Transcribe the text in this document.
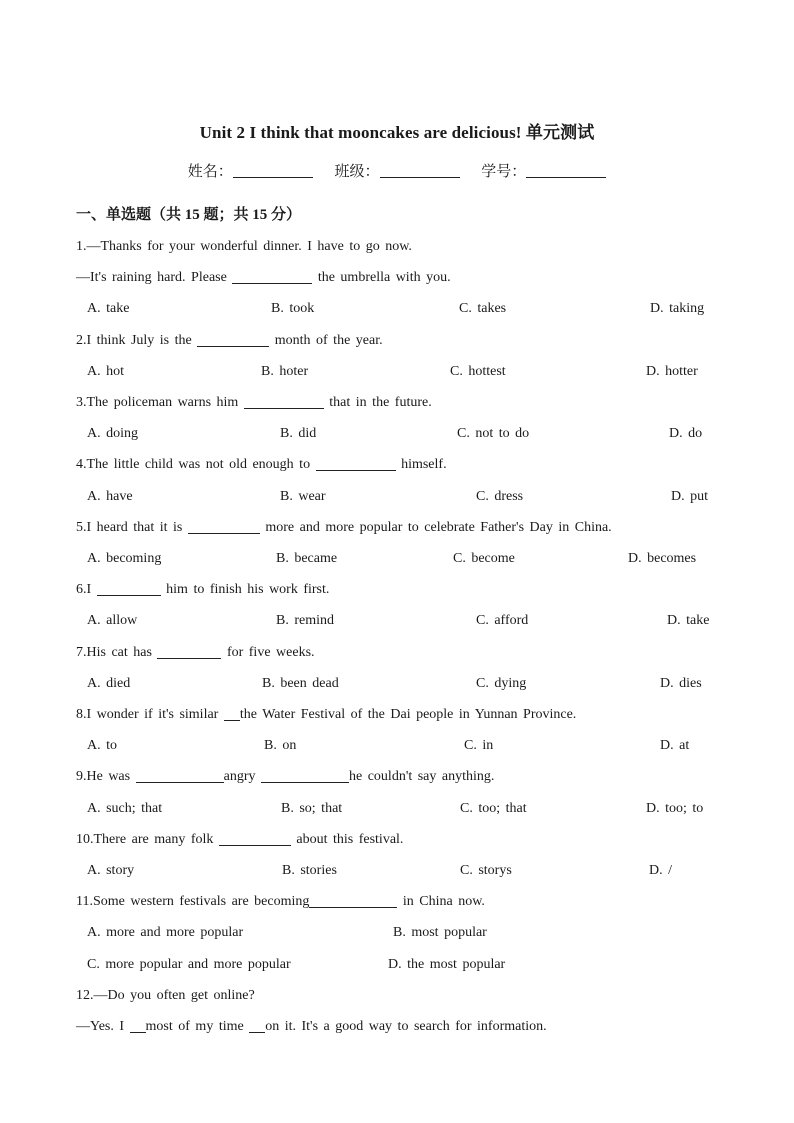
Unit 2 I think that mooncakes are delicious! 单元测试
姓名：	班级：	学号：
一、单选题（共 15 题；共 15 分）
1.—Thanks for your wonderful dinner. I have to go now.
—It's raining hard. Please	the umbrella with you.
A. take	B. took	C. takes	D. taking
2.I think July is the	month of the year.
A. hot	B. hoter	C. hottest	D. hotter
3.The policeman warns him	that in the future.
A. doing	B. did	C. not to do	D. do
4.The little child was not old enough to	himself.
A. have	B. wear	C. dress	D. put
5.I heard that it is	more and more popular to celebrate Father's Day in China.
A. becoming	B. became	C. become	D. becomes
6.I	him to finish his work first.
A. allow	B. remind	C. afford	D. take
7.His cat has	for five weeks.
A. died	B. been dead	C. dying	D. dies
8.I wonder if it's similar the Water Festival of the Dai people in Yunnan Province.
A. to	B. on	C. in	D. at
9.He was	angry	he couldn't say anything.
A. such; that	B. so; that	C. too; that	D. too; to
10.There are many folk	about this festival.
A. story	B. stories	C. storys	D. /
11.Some western festivals are becoming	in China now.
A. more and more popular	B. most popular
C. more popular and more popular	D. the most popular
12.—Do you often get online?
—Yes. I most of my time on it. It's a good way to search for information.
